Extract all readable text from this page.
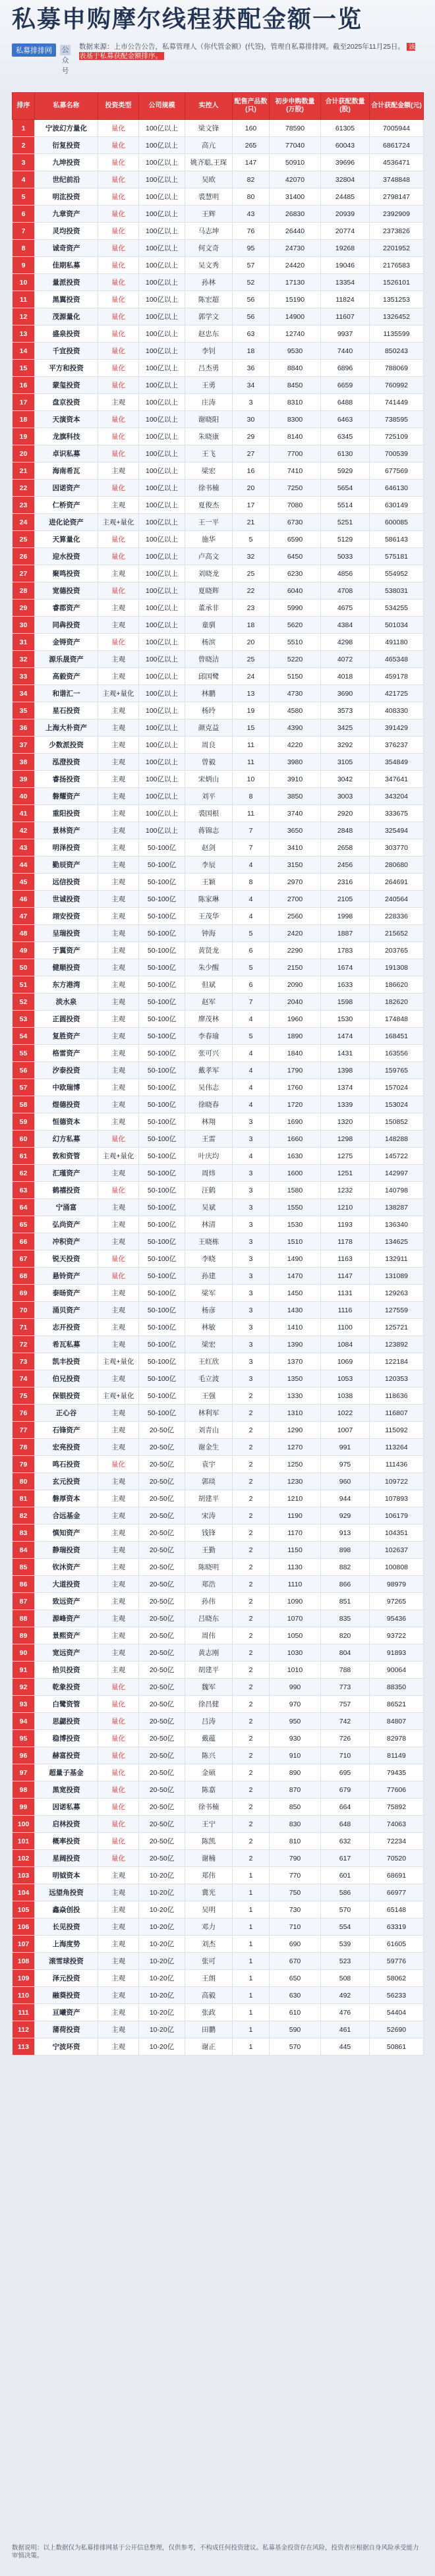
私募申购摩尔线程获配金额一览
私募排排网	公众号
数据来源：上市公告公告，私募管理人（你代管金额）(代签)，管理自私募排排网。截至2025年11月25日。 该表基于私募获配金额排序。
排序	私募名称	投资类型	公司规模	实控人	配售产品数(只)	初步申购数量(万股)	合计获配数量(股)	合计获配金额(元)
1	宁波幻方量化	量化	100亿以上	梁文锋	160	78590	61305	7005944
2	衍复投资	量化	100亿以上	高亢	265	77040	60043	6861724
3	九坤投资	量化	100亿以上	姚齐聪,王琛	147	50910	39696	4536471
4	世纪前沿	量化	100亿以上	吴欧	82	42070	32804	3748848
5	明汯投资	量化	100亿以上	裘慧明	80	31400	24485	2798147
6	九章资产	量化	100亿以上	王辉	43	26830	20939	2392909
7	灵均投资	量化	100亿以上	马志坤	76	26440	20774	2373826
8	诚奇资产	量化	100亿以上	何文奇	95	24730	19268	2201952
9	佳期私募	量化	100亿以上	吴文秀	57	24420	19046	2176583
10	量派投资	量化	100亿以上	孙林	52	17130	13354	1526101
11	黑翼投资	量化	100亿以上	陈宏超	56	15190	11824	1351253
12	茂源量化	量化	100亿以上	郭学文	56	14900	11607	1326452
13	盛泉投资	量化	100亿以上	赵忠东	63	12740	9937	1135599
14	千宜投资	量化	100亿以上	李钊	18	9530	7440	850243
15	平方和投资	量化	100亿以上	吕杰勇	36	8840	6896	788069
16	蒙玺投资	量化	100亿以上	王勇	34	8450	6659	760992
17	盘京投资	主观	100亿以上	庄涛	3	8310	6488	741449
18	天演资本	量化	100亿以上	谢晓阳	30	8300	6463	738595
19	龙旗科技	量化	100亿以上	朱晓康	29	8140	6345	725109
20	卓识私募	量化	100亿以上	王飞	27	7700	6130	700539
21	海南希瓦	主观	100亿以上	梁宏	16	7410	5929	677569
22	因诺资产	量化	100亿以上	徐书楠	20	7250	5654	646130
23	仁桥资产	主观	100亿以上	夏俊杰	17	7080	5514	630149
24	进化论资产	主观+量化	100亿以上	王一平	21	6730	5251	600085
25	天算量化	量化	100亿以上	施华	5	6590	5129	586143
26	迎水投资	量化	100亿以上	卢高文	32	6450	5033	575181
27	聚鸣投资	主观	100亿以上	刘晓龙	25	6230	4856	554952
28	宽德投资	量化	100亿以上	夏晓辉	22	6040	4708	538031
29	睿郡资产	主观	100亿以上	董承非	23	5990	4675	534255
30	同犇投资	主观	100亿以上	童驯	18	5620	4384	501034
31	金锝资产	量化	100亿以上	杨滨	20	5510	4298	491180
32	源乐晟资产	主观	100亿以上	曾晓洁	25	5220	4072	465348
33	高毅资产	主观	100亿以上	邱国鹭	24	5150	4018	459178
34	和谐汇一	主观+量化	100亿以上	林鹏	13	4730	3690	421725
35	星石投资	主观	100亿以上	杨玲	19	4580	3573	408330
36	上海大朴资产	主观	100亿以上	颜克益	15	4390	3425	391429
37	少数派投资	主观	100亿以上	周良	11	4220	3292	376237
38	泓澄投资	主观	100亿以上	曾毅	11	3980	3105	354849
39	睿扬投资	主观	100亿以上	宋炳山	10	3910	3042	347641
40	磐耀资产	主观	100亿以上	刘平	8	3850	3003	343204
41	重阳投资	主观	100亿以上	裘国根	11	3740	2920	333675
42	景林资产	主观	100亿以上	蒋锦志	7	3650	2848	325494
43	明泽投资	主观	50-100亿	赵剑	7	3410	2658	303770
44	勤辰资产	主观	50-100亿	李辰	4	3150	2456	280680
45	远信投资	主观	50-100亿	王颖	8	2970	2316	264691
46	世诚投资	主观	50-100亿	陈家琳	4	2700	2105	240564
47	翊安投资	主观	50-100亿	王茂华	4	2560	1998	228336
48	呈瑞投资	主观	50-100亿	钟海	5	2420	1887	215652
49	于翼资产	主观	50-100亿	黄贤龙	6	2290	1783	203765
50	健顺投资	主观	50-100亿	朱少醒	5	2150	1674	191308
51	东方港湾	主观	50-100亿	但斌	6	2090	1633	186620
52	淡水泉	主观	50-100亿	赵军	7	2040	1598	182620
53	正圆投资	主观	50-100亿	廖茂林	4	1960	1530	174848
54	复胜资产	主观	50-100亿	李春瑜	5	1890	1474	168451
55	格雷资产	主观	50-100亿	张可兴	4	1840	1431	163556
56	汐泰投资	主观	50-100亿	戴孝军	4	1790	1398	159765
57	中欧瑞博	主观	50-100亿	吴伟志	4	1760	1374	157024
58	煜德投资	主观	50-100亿	徐晓春	4	1720	1339	153024
59	恒德资本	主观	50-100亿	林翔	3	1690	1320	150852
60	幻方私募	量化	50-100亿	王雷	3	1660	1298	148288
61	敦和资管	主观+量化	50-100亿	叶庆均	4	1630	1275	145722
62	汇瑾资产	主观	50-100亿	周炜	3	1600	1251	142997
63	鹤禧投资	量化	50-100亿	汪鹤	3	1580	1232	140798
64	宁涌富	主观	50-100亿	吴斌	3	1550	1210	138287
65	弘尚资产	主观	50-100亿	林清	3	1530	1193	136340
66	冲积资产	主观	50-100亿	王晓栋	3	1510	1178	134625
67	锐天投资	量化	50-100亿	李晓	3	1490	1163	132911
68	悬铃资产	量化	50-100亿	孙建	3	1470	1147	131089
69	泰旸资产	主观	50-100亿	梁军	3	1450	1131	129263
70	涌贝资产	主观	50-100亿	杨彦	3	1430	1116	127559
71	志开投资	主观	50-100亿	林敏	3	1410	1100	125721
72	希瓦私募	主观	50-100亿	梁宏	3	1390	1084	123892
73	凯丰投资	主观+量化	50-100亿	王红欣	3	1370	1069	122184
74	伯兄投资	主观	50-100亿	毛立波	3	1350	1053	120353
75	保银投资	主观+量化	50-100亿	王强	2	1330	1038	118636
76	正心谷	主观	50-100亿	林利军	2	1310	1022	116807
77	石锋资产	主观	20-50亿	刘青山	2	1290	1007	115092
78	宏亮投资	主观	20-50亿	谢金生	2	1270	991	113264
79	鸣石投资	量化	20-50亿	袁宇	2	1250	975	111436
80	玄元投资	主观	20-50亿	郭琰	2	1230	960	109722
81	磐厚资本	主观	20-50亿	胡建平	2	1210	944	107893
82	合远基金	主观	20-50亿	宋涛	2	1190	929	106179
83	慎知资产	主观	20-50亿	钱锋	2	1170	913	104351
84	静瑞投资	主观	20-50亿	王勤	2	1150	898	102637
85	钦沐资产	主观	20-50亿	陈晓明	2	1130	882	100808
86	大道投资	主观	20-50亿	郑浩	2	1110	866	98979
87	致远资产	主观	20-50亿	孙伟	2	1090	851	97265
88	源峰资产	主观	20-50亿	吕晓东	2	1070	835	95436
89	景熙资产	主观	20-50亿	周伟	2	1050	820	93722
90	宽远资产	主观	20-50亿	黄志刚	2	1030	804	91893
91	拾贝投资	主观	20-50亿	胡建平	2	1010	788	90064
92	乾象投资	量化	20-50亿	魏军	2	990	773	88350
93	白鹭资管	量化	20-50亿	徐昌健	2	970	757	86521
94	思勰投资	量化	20-50亿	吕涛	2	950	742	84807
95	稳博投资	量化	20-50亿	戴蕴	2	930	726	82978
96	赫富投资	量化	20-50亿	陈兴	2	910	710	81149
97	超量子基金	量化	20-50亿	金硕	2	890	695	79435
98	黑宽投资	量化	20-50亿	陈嘉	2	870	679	77606
99	因诺私募	量化	20-50亿	徐书楠	2	850	664	75892
100	启林投资	量化	20-50亿	王宁	2	830	648	74063
101	概率投资	量化	20-50亿	陈凯	2	810	632	72234
102	星阔投资	量化	20-50亿	谢楠	2	790	617	70520
103	明钺资本	主观	10-20亿	郑伟	1	770	601	68691
104	远望角投资	主观	10-20亿	冀光	1	750	586	66977
105	鑫焱创投	主观	10-20亿	吴明	1	730	570	65148
106	长见投资	主观	10-20亿	邓力	1	710	554	63319
107	上海度势	主观	10-20亿	刘杰	1	690	539	61605
108	滚雪球投资	主观	10-20亿	张可	1	670	523	59776
109	泽元投资	主观	10-20亿	王朗	1	650	508	58062
110	融葵投资	主观	10-20亿	高毅	1	630	492	56233
111	亘曦资产	主观	10-20亿	张政	1	610	476	54404
112	蒲荷投资	主观	10-20亿	田鹏	1	590	461	52690
113	宁波环资	主观	10-20亿	谢正	1	570	445	50861
数据说明：以上数据仅为私募排排网基于公开信息整理，仅供参考，不构成任何投资建议。私募基金投资存在风险，投资者应根据自身风险承受能力审慎决策。
